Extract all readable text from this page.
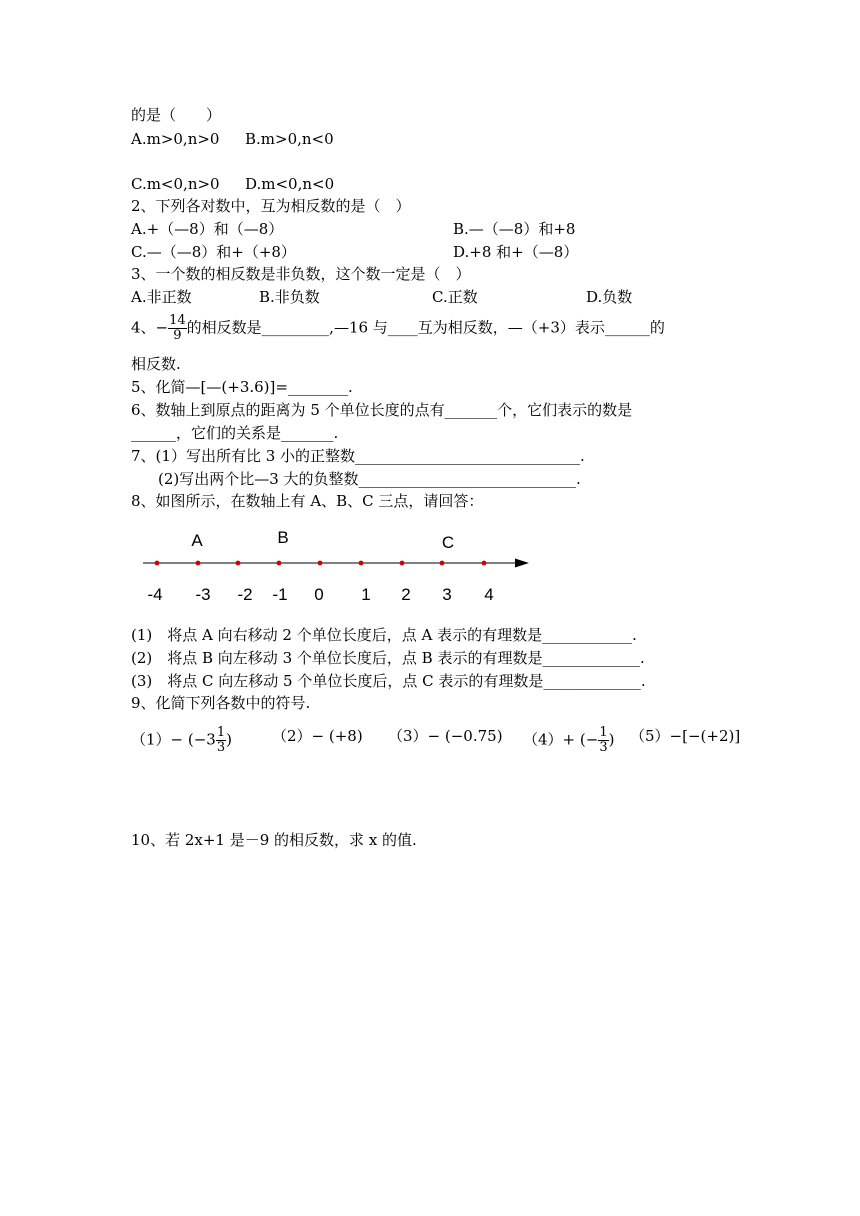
的是（　　）
A.m>0,n>0 B.m>0,n<0
C.m<0,n>0 D.m<0,n<0
2、下列各对数中，互为相反数的是（　）
A.+（—8）和（—8）	B.—（—8）和+8
C.—（—8）和+（+8）	D.+8 和+（—8）
3、一个数的相反数是非负数，这个数一定是（　）
A.非正数	B.非负数	C.正数	D.负数
4、− $\frac{14}{9}$ 的相反数是_________,—16 与____互为相反数，—（+3）表示______的
相反数.
5、化简—[—(+3.6)]=________.
6、数轴上到原点的距离为 5 个单位长度的点有_______个，它们表示的数是
______，它们的关系是_______.
7、(1）写出所有比 3 小的正整数______________________________.
(2)写出两个比—3 大的负整数_____________________________.
8、如图所示，在数轴上有 A、B、C 三点，请回答：
-4 -3 -2 -1 0 1 2 3 4
A	B	C
(1)　将点 A 向右移动 2 个单位长度后，点 A 表示的有理数是____________.
(2)　将点 B 向左移动 3 个单位长度后，点 B 表示的有理数是_____________.
(3)　将点 C 向左移动 5 个单位长度后，点 C 表示的有理数是_____________.
9、化简下列各数中的符号.
$(1)- (-3 \frac{1}{3}$ )	（2）− (+8) （3）− (−0.75) （4）+ (− $\frac{1}{3}$ ) （5）−[−(+2)]
10、若 2x+1 是－9 的相反数，求 x 的值.
